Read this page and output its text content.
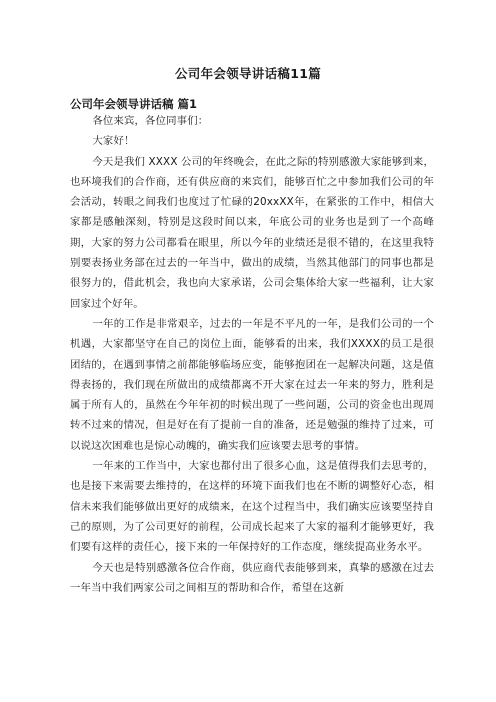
公司年会领导讲话稿11篇
公司年会领导讲话稿 篇1

各位来宾，各位同事们：

大家好！

今天是我们 XXXX 公司的年终晚会，在此之际的特别感激大家能够到来，也环境我们的合作商，还有供应商的来宾们，能够百忙之中参加我们公司的年会活动，转眼之间我们也度过了忙碌的20xxXX年，在紧张的工作中，相信大家都是感触深刻，特别是这段时间以来，年底公司的业务也是到了一个高峰期，大家的努力公司都看在眼里，所以今年的业绩还是很不错的，在这里我特别要表扬业务部在过去的一年当中，做出的成绩，当然其他部门的同事也都是很努力的，借此机会，我也向大家承诺，公司会集体给大家一些福利，让大家回家过个好年。

一年的工作是非常艰辛，过去的一年是不平凡的一年，是我们公司的一个机遇，大家都坚守在自己的岗位上面，能够看的出来，我们XXXX的员工是很团结的，在遇到事情之前都能够临场应变，能够抱团在一起解决问题，这是值得表扬的，我们现在所做出的成绩都离不开大家在过去一年来的努力，胜利是属于所有人的，虽然在今年年初的时候出现了一些问题，公司的资金也出现周转不过来的情况，但是好在有了提前一自的准备，还是勉强的维持了过来，可以说这次困难也是惊心动魄的，确实我们应该要去思考的事情。

一年来的工作当中，大家也都付出了很多心血，这是值得我们去思考的，也是接下来需要去维持的，在这样的环境下面我们也在不断的调整好心态，相信未来我们能够做出更好的成绩来，在这个过程当中，我们确实应该要坚持自己的原则，为了公司更好的前程，公司成长起来了大家的福利才能够更好，我们要有这样的责任心，接下来的一年保持好的工作态度，继续提高业务水平。

今天也是特别感激各位合作商，供应商代表能够到来，真挚的感激在过去一年当中我们两家公司之间相互的帮助和合作，希望在这新
